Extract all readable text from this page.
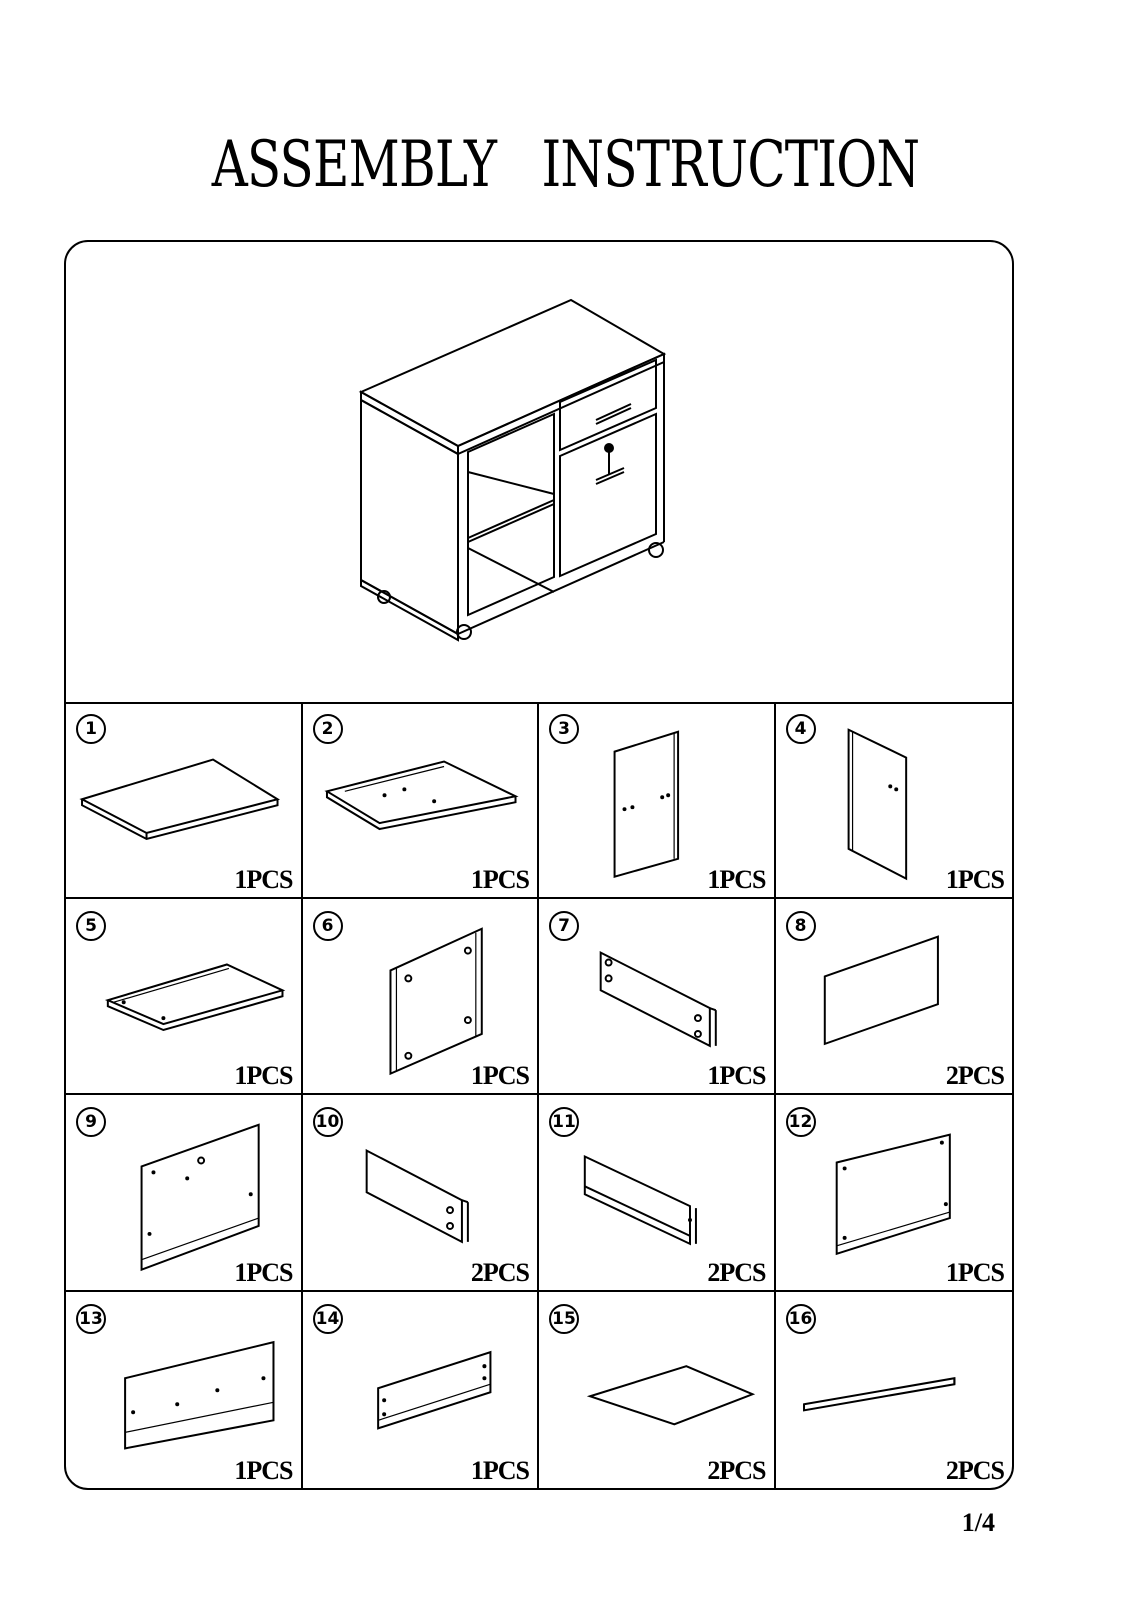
ASSEMBLY   INSTRUCTION
1
1PCS
2
1PCS
3
1PCS
4
1PCS
5
1PCS
6
1PCS
7
1PCS
8
2PCS
9
1PCS
10
2PCS
11
2PCS
12
1PCS
13
1PCS
14
1PCS
15
2PCS
16
2PCS
1/4
